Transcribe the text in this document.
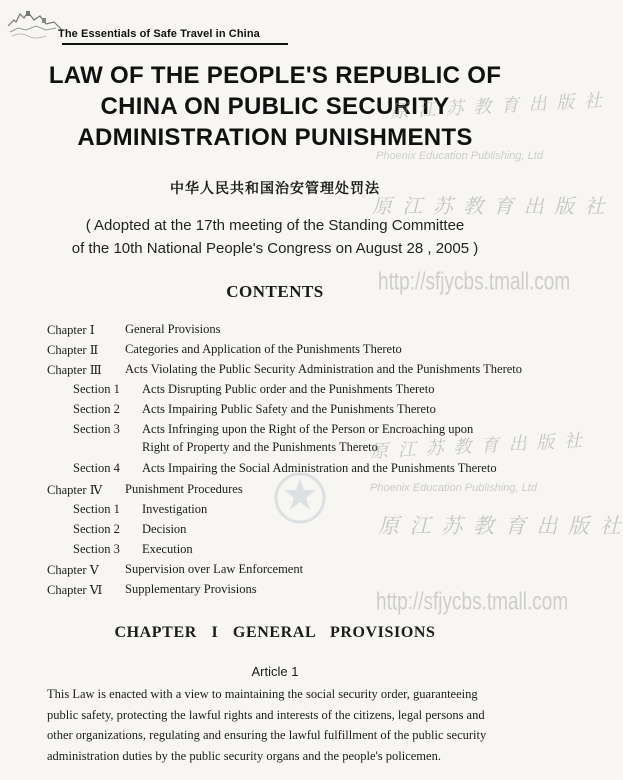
The Essentials of Safe Travel in China
LAW OF THE PEOPLE'S REPUBLIC OF
CHINA ON PUBLIC SECURITY
ADMINISTRATION PUNISHMENTS
中华人民共和国治安管理处罚法
( Adopted at the 17th meeting of the Standing Committee
of the 10th National People's Congress on August 28 , 2005 )
CONTENTS
Chapter Ⅰ General Provisions
Chapter Ⅱ Categories and Application of the Punishments Thereto
Chapter Ⅲ Acts Violating the Public Security Administration and the Punishments Thereto
Section 1 Acts Disrupting Public order and the Punishments Thereto
Section 2 Acts Impairing Public Safety and the Punishments Thereto
Section 3 Acts Infringing upon the Right of the Person or Encroaching upon
Right of Property and the Punishments Thereto
Section 4 Acts Impairing the Social Administration and the Punishments Thereto
Chapter Ⅳ Punishment Procedures
Section 1 Investigation
Section 2 Decision
Section 3 Execution
Chapter Ⅴ Supervision over Law Enforcement
Chapter Ⅵ Supplementary Provisions
CHAPTER I GENERAL PROVISIONS
Article 1
This Law is enacted with a view to maintaining the social security order, guaranteeing
public safety, protecting the lawful rights and interests of the citizens, legal persons and
other organizations, regulating and ensuring the lawful fulfillment of the public security
administration duties by the public security organs and the people's policemen.
原 江 苏 教 育 出 版 社
Phoenix Education Publishing, Ltd
原 江 苏 教 育 出 版 社
http://sfjycbs.tmall.com
原 江 苏 教 育 出 版 社
Phoenix Education Publishing, Ltd
原 江 苏 教 育 出 版 社
http://sfjycbs.tmall.com
